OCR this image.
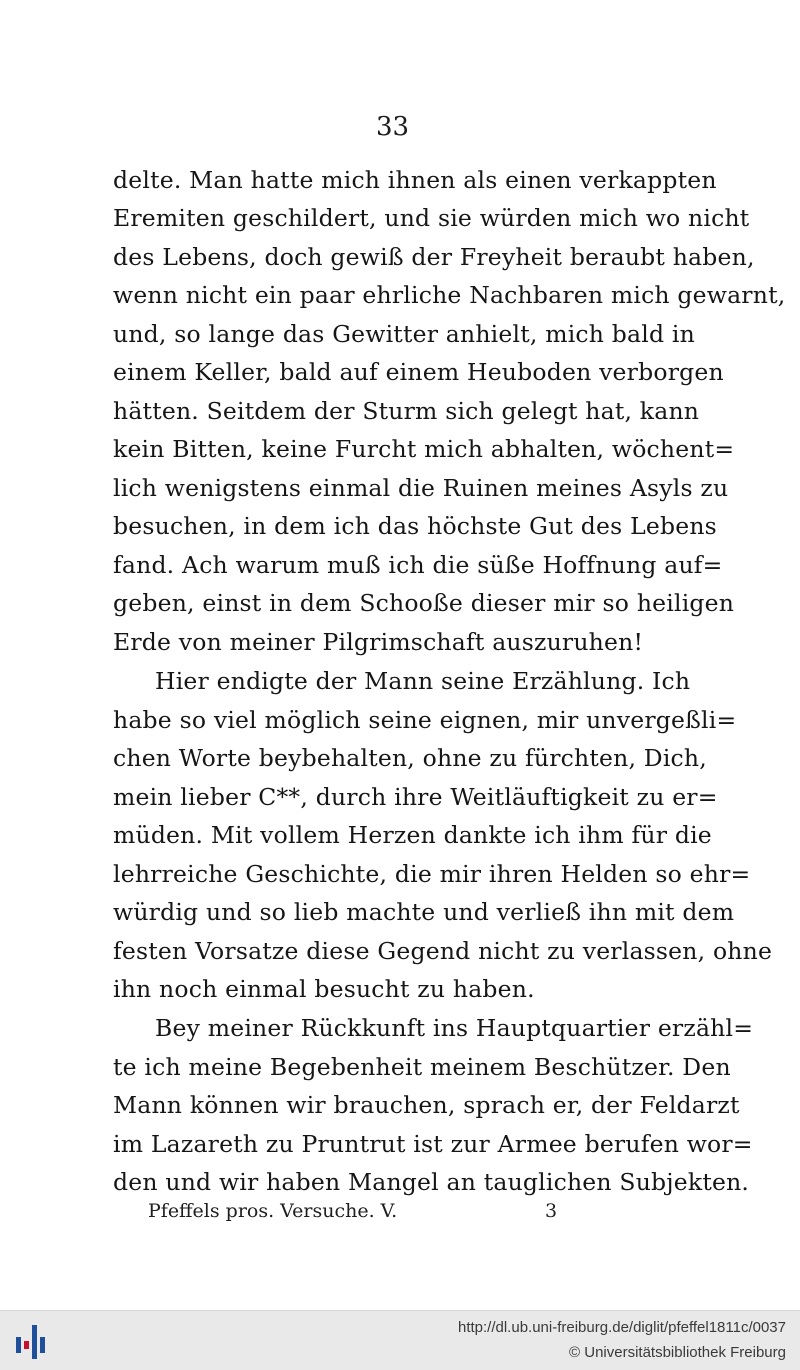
33
delte. Man hatte mich ihnen als einen verkappten
Eremiten geschildert, und sie würden mich wo nicht
des Lebens, doch gewiß der Freyheit beraubt haben,
wenn nicht ein paar ehrliche Nachbaren mich gewarnt,
und, so lange das Gewitter anhielt, mich bald in
einem Keller, bald auf einem Heuboden verborgen
hätten. Seitdem der Sturm sich gelegt hat, kann
kein Bitten, keine Furcht mich abhalten, wöchent=
lich wenigstens einmal die Ruinen meines Asyls zu
besuchen, in dem ich das höchste Gut des Lebens
fand. Ach warum muß ich die süße Hoffnung auf=
geben, einst in dem Schooße dieser mir so heiligen
Erde von meiner Pilgrimschaft auszuruhen!
Hier endigte der Mann seine Erzählung. Ich
habe so viel möglich seine eignen, mir unvergeßli=
chen Worte beybehalten, ohne zu fürchten, Dich,
mein lieber C**, durch ihre Weitläuftigkeit zu er=
müden. Mit vollem Herzen dankte ich ihm für die
lehrreiche Geschichte, die mir ihren Helden so ehr=
würdig und so lieb machte und verließ ihn mit dem
festen Vorsatze diese Gegend nicht zu verlassen, ohne
ihn noch einmal besucht zu haben.
Bey meiner Rückkunft ins Hauptquartier erzähl=
te ich meine Begebenheit meinem Beschützer. Den
Mann können wir brauchen, sprach er, der Feldarzt
im Lazareth zu Pruntrut ist zur Armee berufen wor=
den und wir haben Mangel an tauglichen Subjekten.
Pfeffels pros. Versuche. V.	3
http://dl.ub.uni-freiburg.de/diglit/pfeffel1811c/0037
© Universitätsbibliothek Freiburg
